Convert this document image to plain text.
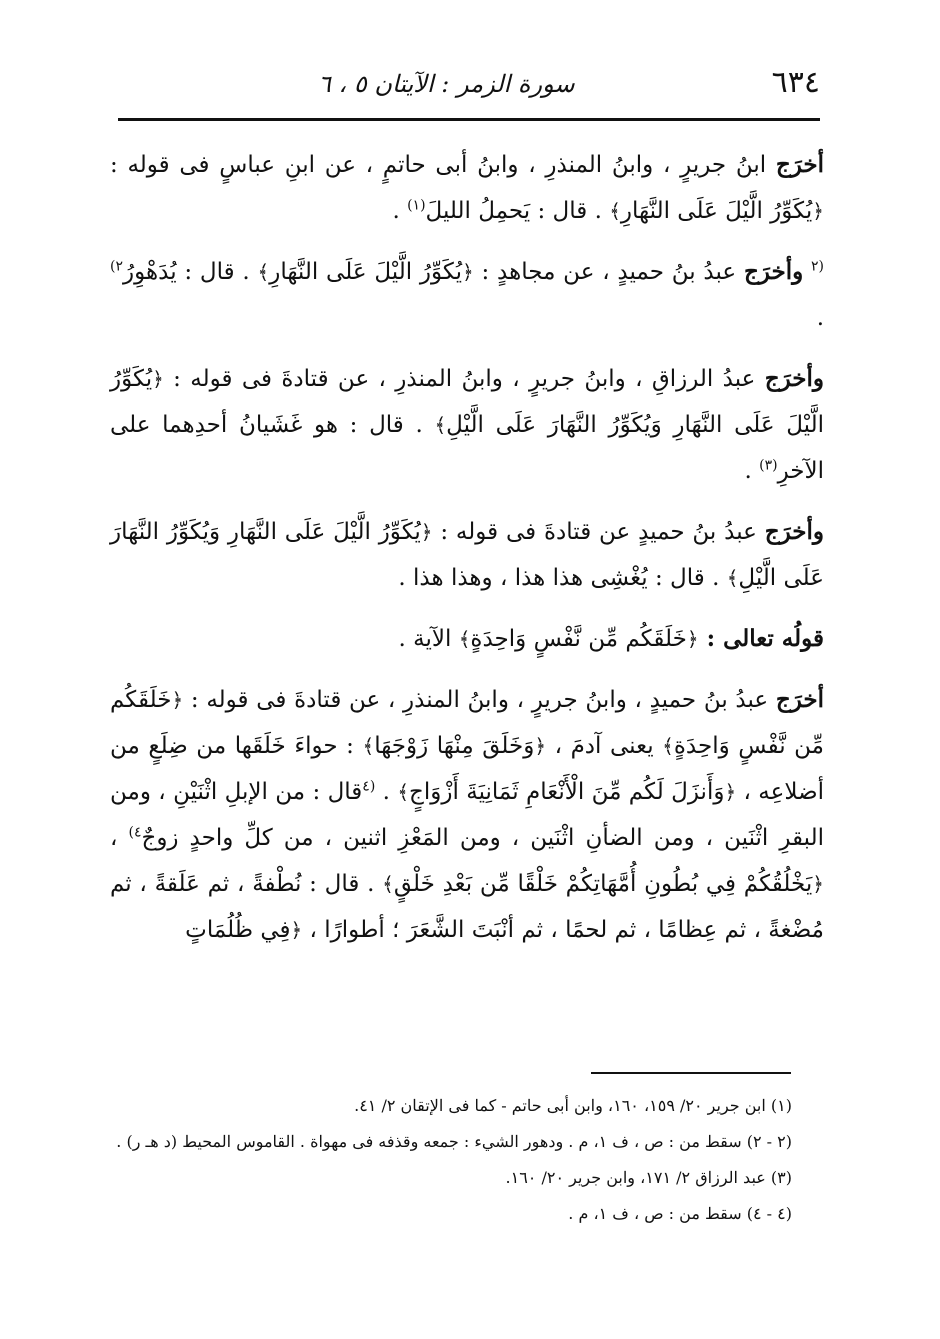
٦٣٤
سورة الزمر : الآيتان ٥ ، ٦

أخرَج ابنُ جريرٍ ، وابنُ المنذرِ ، وابنُ أبى حاتمٍ ، عن ابنِ عباسٍ فى قوله : ﴿يُكَوِّرُ الَّيْلَ عَلَى النَّهَارِ﴾ . قال : يَحمِلُ الليلَ$^{(١)}$ .

$^{(٢}$ وأخرَج عبدُ بنُ حميدٍ ، عن مجاهدٍ : ﴿يُكَوِّرُ الَّيْلَ عَلَى النَّهَارِ﴾ . قال : يُدَهْوِرُ$^{٢)}$ .

وأخرَج عبدُ الرزاقِ ، وابنُ جريرٍ ، وابنُ المنذرِ ، عن قتادةَ فى قوله : ﴿يُكَوِّرُ الَّيْلَ عَلَى النَّهَارِ وَيُكَوِّرُ النَّهَارَ عَلَى الَّيْلِ﴾ . قال : هو غَشَيانُ أحدِهما على الآخرِ$^{(٣)}$ .

وأخرَج عبدُ بنُ حميدٍ عن قتادةَ فى قوله : ﴿يُكَوِّرُ الَّيْلَ عَلَى النَّهَارِ وَيُكَوِّرُ النَّهَارَ عَلَى الَّيْلِ﴾ . قال : يُغْشِى هذا هذا ، وهذا هذا .

قولُه تعالى : ﴿خَلَقَكُم مِّن نَّفْسٍ وَاحِدَةٍ﴾ الآية .

أخرَج عبدُ بنُ حميدٍ ، وابنُ جريرٍ ، وابنُ المنذرِ ، عن قتادةَ فى قوله : ﴿خَلَقَكُم مِّن نَّفْسٍ وَاحِدَةٍ﴾ يعنى آدمَ ، ﴿وَخَلَقَ مِنْهَا زَوْجَهَا﴾ : حواءَ خَلَقَها من ضِلَعٍ من أضلاعِه ، ﴿وَأَنزَلَ لَكُم مِّنَ الْأَنْعَامِ ثَمَانِيَةَ أَزْوَاجٍ﴾ . $^{(٤}$قال : من الإبلِ اثْنَيْنِ ، ومن البقرِ اثْنَين ، ومن الضأنِ اثْنَين ، ومن المَعْزِ اثنين ، من كلِّ واحدٍ زوجٌ$^{٤)}$ ، ﴿يَخْلُقُكُمْ فِي بُطُونِ أُمَّهَاتِكُمْ خَلْقًا مِّن بَعْدِ خَلْقٍ﴾ . قال : نُطْفةً ، ثم عَلَقةً ، ثم مُضْغةً ، ثم عِظامًا ، ثم لحمًا ، ثم أنْبَتَ الشَّعَرَ ؛ أطوارًا ، ﴿فِي ظُلُمَاتٍ

(١) ابن جرير ٢٠/ ١٥٩، ١٦٠، وابن أبى حاتم - كما فى الإتقان ٢/ ٤١.

(٢ - ٢) سقط من : ص ، ف ١، م . ودهور الشيء : جمعه وقذفه فى مهواة . القاموس المحيط (د هـ ر) .

(٣) عبد الرزاق ٢/ ١٧١، وابن جرير ٢٠/ ١٦٠.

(٤ - ٤) سقط من : ص ، ف ١، م .
